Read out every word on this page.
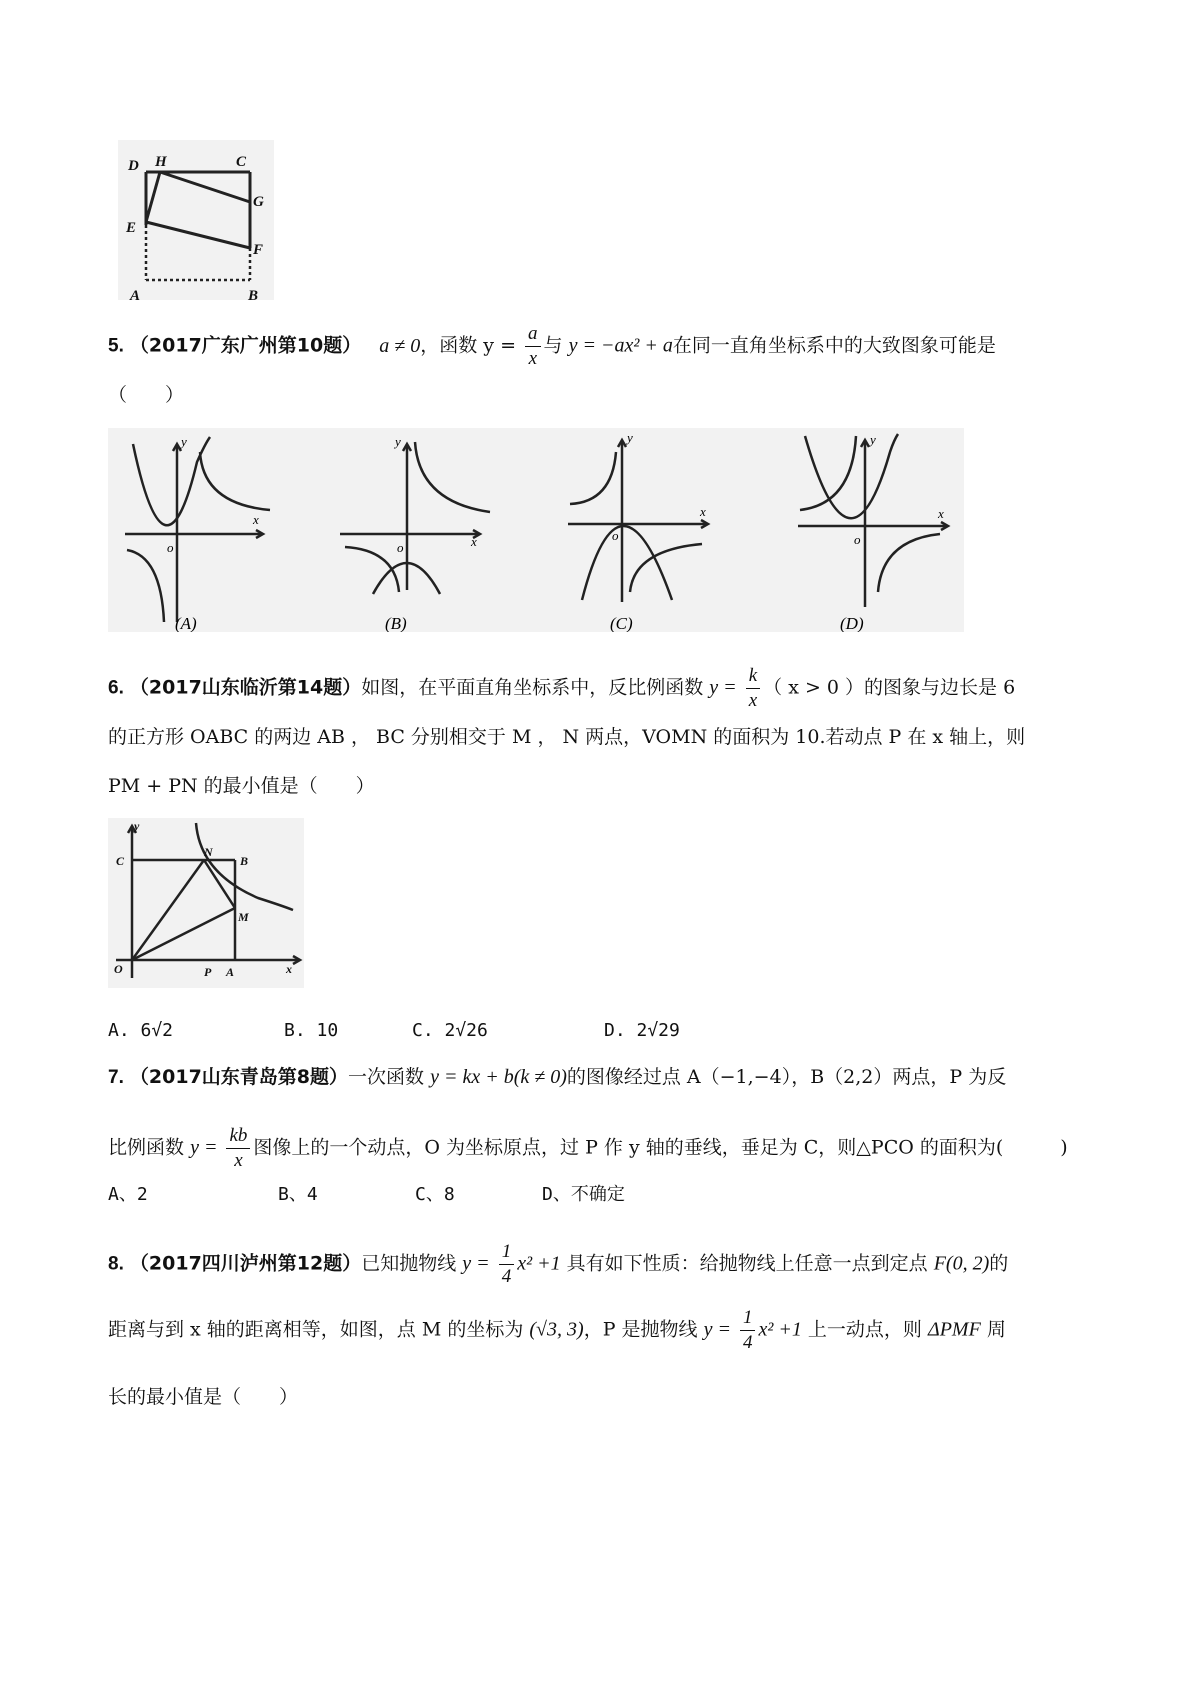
D H	C
G
E
F
A	B
5. （2017广东广州第10题） a ≠ 0，函数 $y = \frac{a}{x}$ 与 y = −ax² + a在同一直角坐标系中的大致图象可能是
（　　）
o
x
y
(A)
o	x
y
(B)
o
x
y
(C)
o
x
y
(D)
6. （2017山东临沂第14题）如图，在平面直角坐标系中，反比例函数 $y = \frac{k}{x}$ （ x > 0 ）的图象与边长是 6
的正方形 OABC 的两边 AB ， BC 分别相交于 M ， N 两点，VOMN 的面积为 10.若动点 P 在 x 轴上，则
PM + PN 的最小值是（　　）
y
C
N
B
M
O	P A	x
A. 6√2	B. 10	C. 2√26	D. 2√29
7. （2017山东青岛第8题）一次函数 y = kx + b(k ≠ 0)的图像经过点 A（−1,−4），B（2,2）两点，P 为反
比例函数 $y = \frac{kb}{x}$ 图像上的一个动点，O 为坐标原点，过 P 作 y 轴的垂线，垂足为 C，则△PCO 的面积为(　　　)
A、2	B、4	C、8	D、不确定
8. （2017四川泸州第12题）已知抛物线 $y = \frac{1}{4} x^2 +1$ 具有如下性质：给抛物线上任意一点到定点 F(0, 2)的
距离与到 x 轴的距离相等，如图，点 M 的坐标为 (√3, 3)，P 是抛物线 $y = \frac{1}{4} x^2 +1$ 上一动点，则 ΔPMF 周
长的最小值是（　　）
